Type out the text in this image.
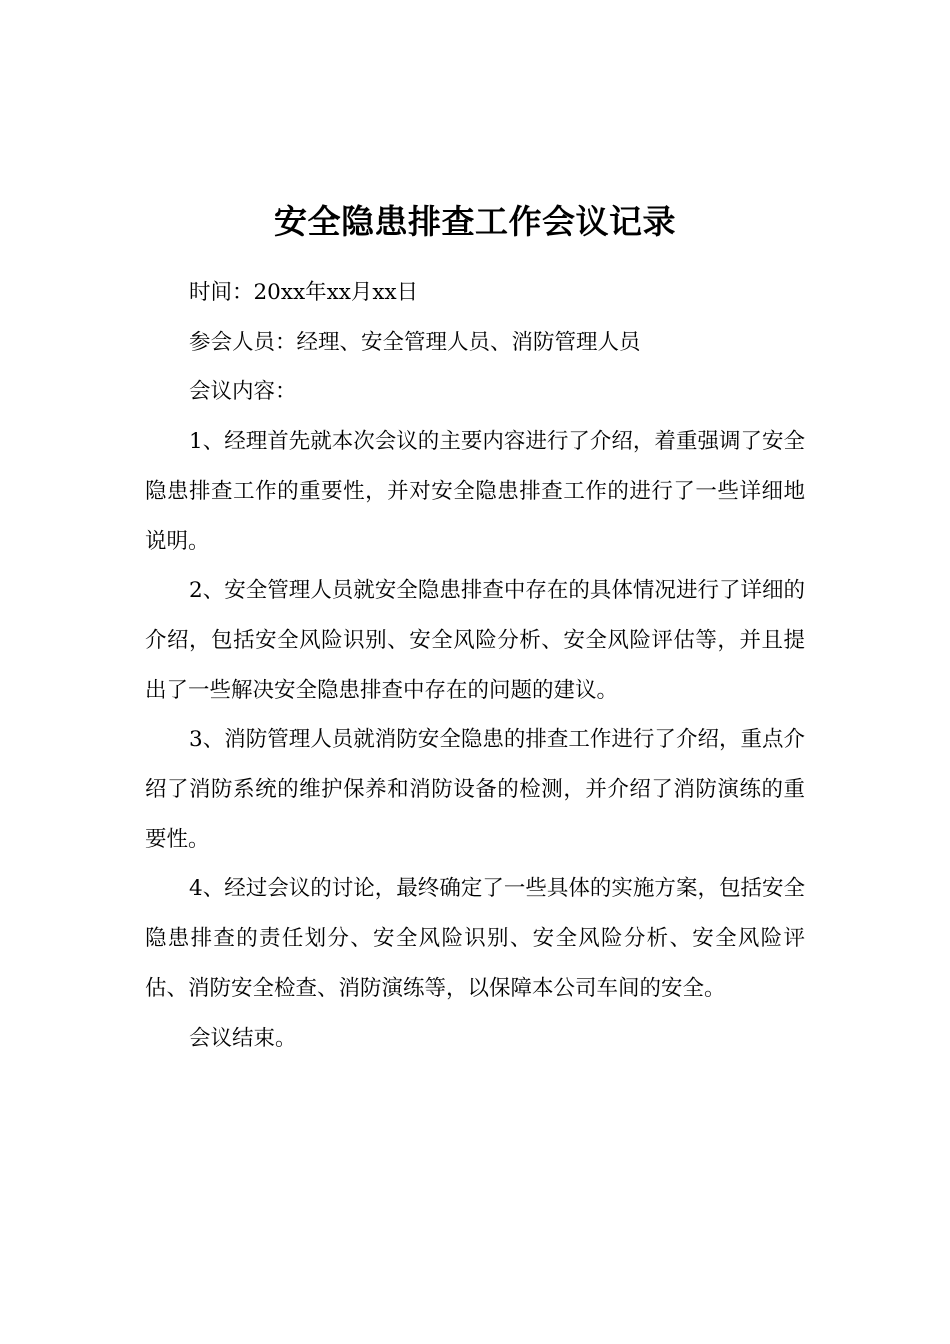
安全隐患排查工作会议记录

时间：20xx年xx月xx日

参会人员：经理、安全管理人员、消防管理人员

会议内容：

1、经理首先就本次会议的主要内容进行了介绍，着重强调了安全隐患排查工作的重要性，并对安全隐患排查工作的进行了一些详细地说明。

2、安全管理人员就安全隐患排查中存在的具体情况进行了详细的介绍，包括安全风险识别、安全风险分析、安全风险评估等，并且提出了一些解决安全隐患排查中存在的问题的建议。

3、消防管理人员就消防安全隐患的排查工作进行了介绍，重点介绍了消防系统的维护保养和消防设备的检测，并介绍了消防演练的重要性。

4、经过会议的讨论，最终确定了一些具体的实施方案，包括安全隐患排查的责任划分、安全风险识别、安全风险分析、安全风险评估、消防安全检查、消防演练等，以保障本公司车间的安全。

会议结束。
